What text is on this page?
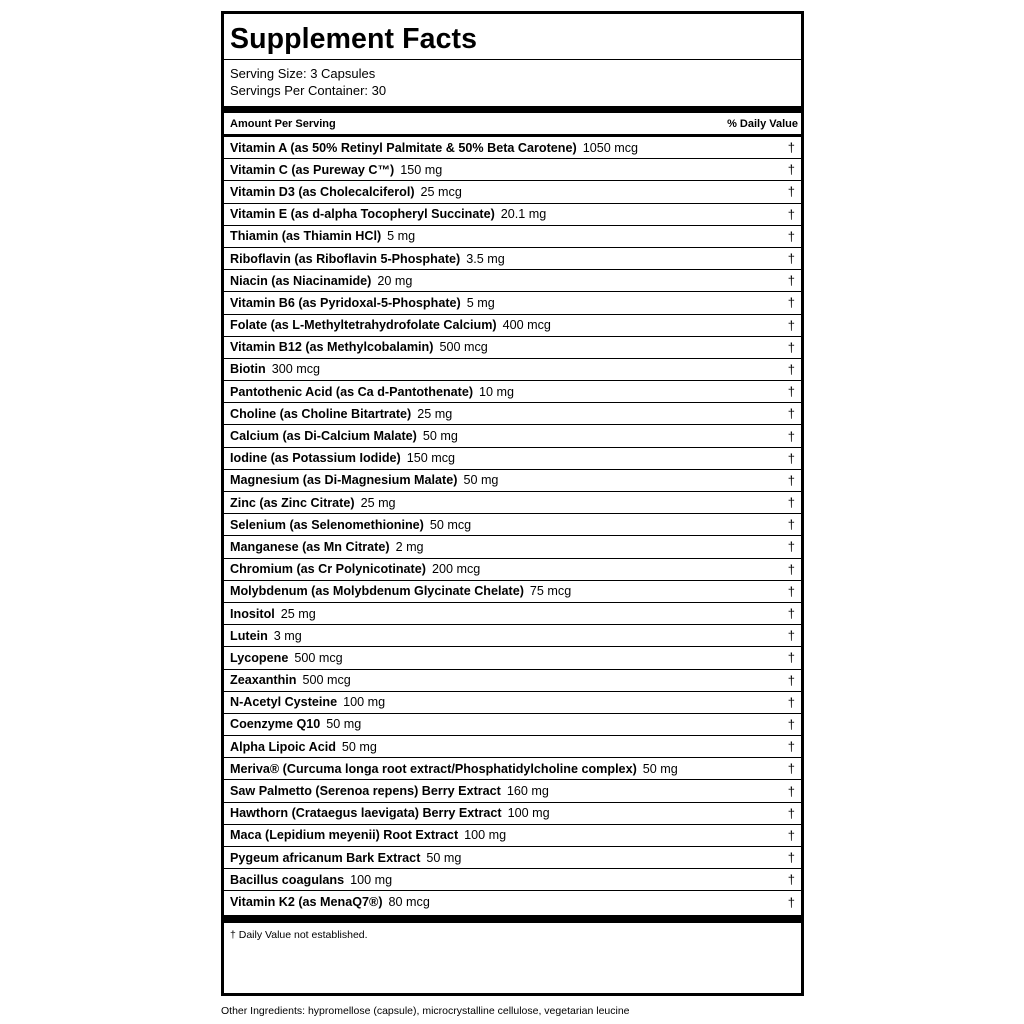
Supplement Facts
Serving Size: 3 Capsules
Servings Per Container: 30
Amount Per Serving	% Daily Value
Vitamin A (as 50% Retinyl Palmitate & 50% Beta Carotene) 1050 mcg	†
Vitamin C (as Pureway C™) 150 mg	†
Vitamin D3 (as Cholecalciferol) 25 mcg	†
Vitamin E (as d-alpha Tocopheryl Succinate) 20.1 mg	†
Thiamin (as Thiamin HCl) 5 mg	†
Riboflavin (as Riboflavin 5-Phosphate) 3.5 mg	†
Niacin (as Niacinamide) 20 mg	†
Vitamin B6 (as Pyridoxal-5-Phosphate) 5 mg	†
Folate (as L-Methyltetrahydrofolate Calcium) 400 mcg	†
Vitamin B12 (as Methylcobalamin) 500 mcg	†
Biotin 300 mcg	†
Pantothenic Acid (as Ca d-Pantothenate) 10 mg	†
Choline (as Choline Bitartrate) 25 mg	†
Calcium (as Di-Calcium Malate) 50 mg	†
Iodine (as Potassium Iodide) 150 mcg	†
Magnesium (as Di-Magnesium Malate) 50 mg	†
Zinc (as Zinc Citrate) 25 mg	†
Selenium (as Selenomethionine) 50 mcg	†
Manganese (as Mn Citrate) 2 mg	†
Chromium (as Cr Polynicotinate) 200 mcg	†
Molybdenum (as Molybdenum Glycinate Chelate) 75 mcg	†
Inositol 25 mg	†
Lutein 3 mg	†
Lycopene 500 mcg	†
Zeaxanthin 500 mcg	†
N-Acetyl Cysteine 100 mg	†
Coenzyme Q10 50 mg	†
Alpha Lipoic Acid 50 mg	†
Meriva® (Curcuma longa root extract/Phosphatidylcholine complex) 50 mg	†
Saw Palmetto (Serenoa repens) Berry Extract 160 mg	†
Hawthorn (Crataegus laevigata) Berry Extract 100 mg	†
Maca (Lepidium meyenii) Root Extract 100 mg	†
Pygeum africanum Bark Extract 50 mg	†
Bacillus coagulans 100 mg	†
Vitamin K2 (as MenaQ7®) 80 mcg	†
† Daily Value not established.
Other Ingredients: hypromellose (capsule), microcrystalline cellulose, vegetarian leucine
